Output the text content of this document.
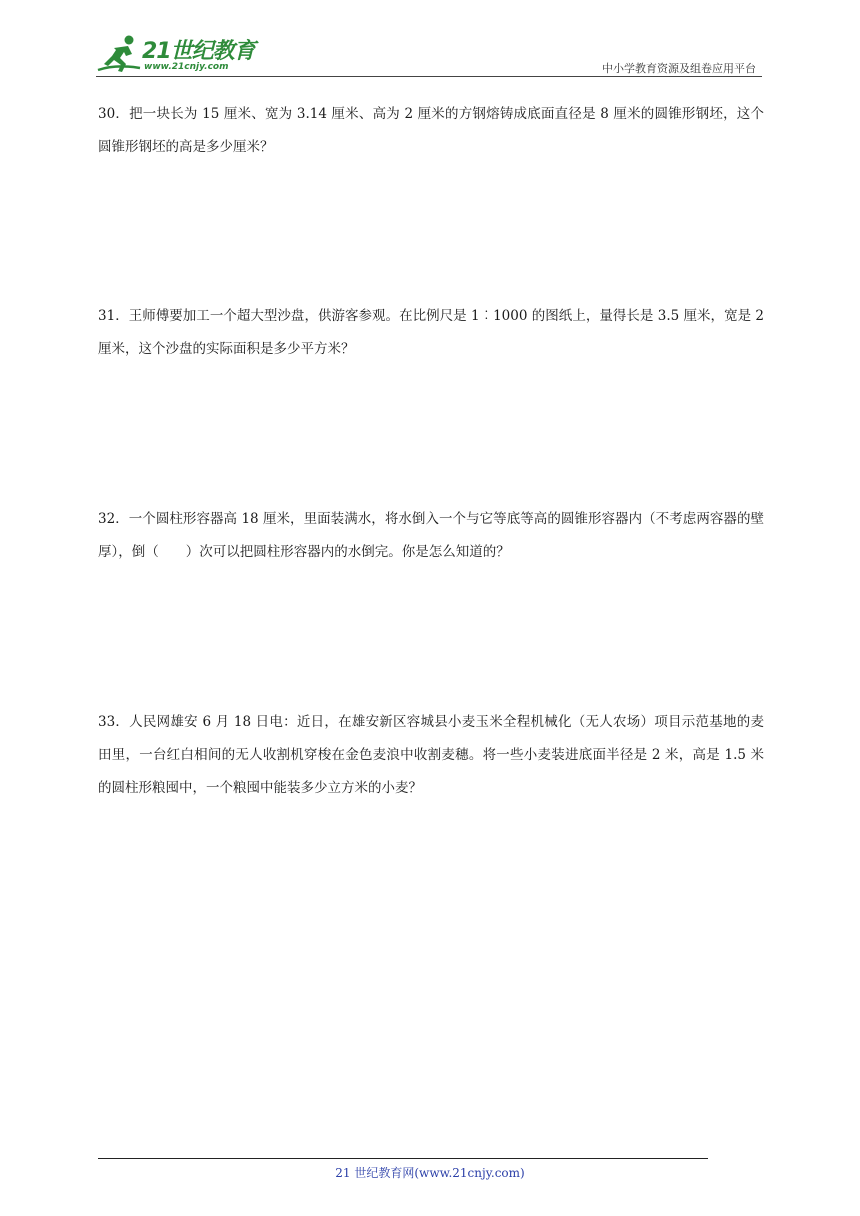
21世纪教育
www.21cnjy.com	中小学教育资源及组卷应用平台
30．把一块长为 15 厘米、宽为 3.14 厘米、高为 2 厘米的方钢熔铸成底面直径是 8 厘米的圆锥形钢坯，这个圆锥形钢坯的高是多少厘米？
31．王师傅要加工一个超大型沙盘，供游客参观。在比例尺是 1︰1000 的图纸上，量得长是 3.5 厘米，宽是 2 厘米，这个沙盘的实际面积是多少平方米？
32．一个圆柱形容器高 18 厘米，里面装满水，将水倒入一个与它等底等高的圆锥形容器内（不考虑两容器的壁厚），倒（　　）次可以把圆柱形容器内的水倒完。你是怎么知道的？
33．人民网雄安 6 月 18 日电：近日，在雄安新区容城县小麦玉米全程机械化（无人农场）项目示范基地的麦田里，一台红白相间的无人收割机穿梭在金色麦浪中收割麦穗。将一些小麦装进底面半径是 2 米，高是 1.5 米的圆柱形粮囤中，一个粮囤中能装多少立方米的小麦？
21 世纪教育网(www.21cnjy.com)
